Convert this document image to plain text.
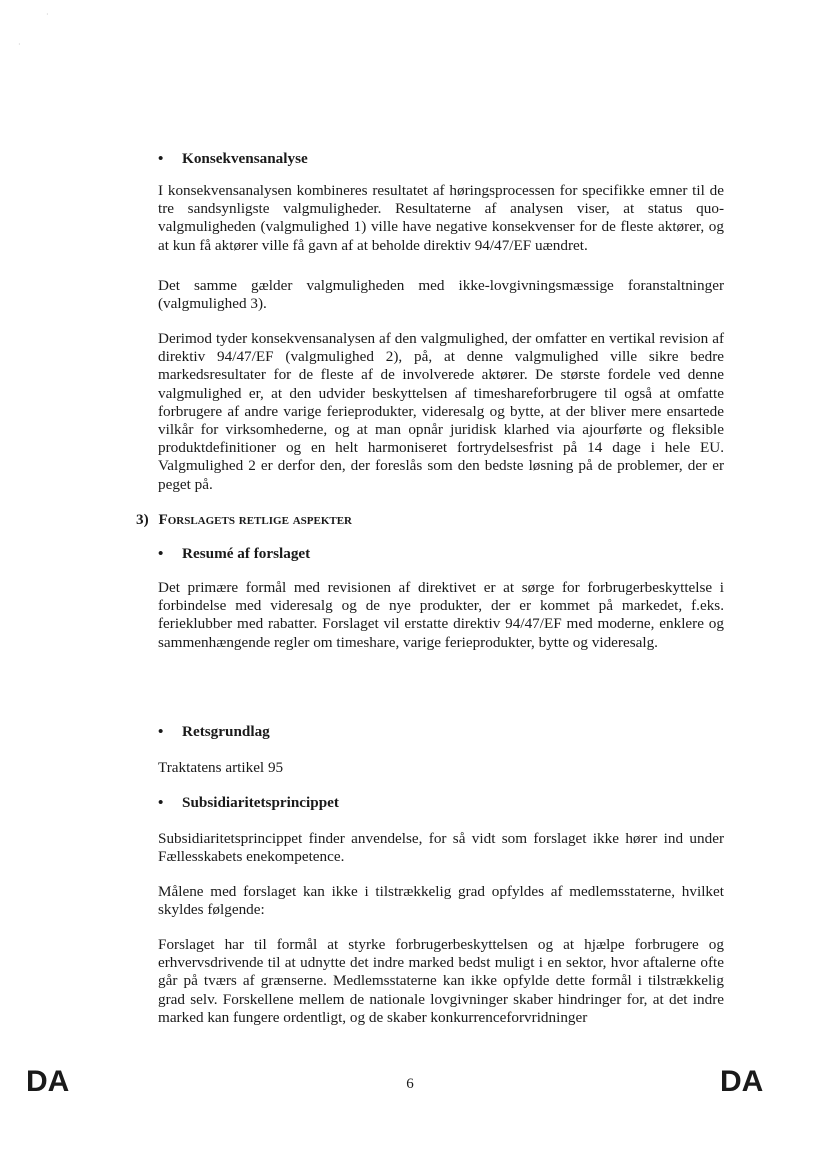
·
·
• Konsekvensanalyse

I konsekvensanalysen kombineres resultatet af høringsprocessen for specifikke emner til de tre sandsynligste valgmuligheder. Resultaterne af analysen viser, at status quo-valgmuligheden (valgmulighed 1) ville have negative konsekvenser for de fleste aktører, og at kun få aktører ville få gavn af at beholde direktiv 94/47/EF uændret.

Det samme gælder valgmuligheden med ikke-lovgivningsmæssige foranstaltninger (valgmulighed 3).

Derimod tyder konsekvensanalysen af den valgmulighed, der omfatter en vertikal revision af direktiv 94/47/EF (valgmulighed 2), på, at denne valgmulighed ville sikre bedre markedsresultater for de fleste af de involverede aktører. De største fordele ved denne valgmulighed er, at den udvider beskyttelsen af timeshareforbrugere til også at omfatte forbrugere af andre varige ferieprodukter, videresalg og bytte, at der bliver mere ensartede vilkår for virksomhederne, og at man opnår juridisk klarhed via ajourførte og fleksible produktdefinitioner og en helt harmoniseret fortrydelsesfrist på 14 dage i hele EU. Valgmulighed 2 er derfor den, der foreslås som den bedste løsning på de problemer, der er peget på.

3) Forslagets retlige aspekter
• Resumé af forslaget

Det primære formål med revisionen af direktivet er at sørge for forbrugerbeskyttelse i forbindelse med videresalg og de nye produkter, der er kommet på markedet, f.eks. ferieklubber med rabatter. Forslaget vil erstatte direktiv 94/47/EF med moderne, enklere og sammenhængende regler om timeshare, varige ferieprodukter, bytte og videresalg.

• Retsgrundlag

Traktatens artikel 95

• Subsidiaritetsprincippet

Subsidiaritetsprincippet finder anvendelse, for så vidt som forslaget ikke hører ind under Fællesskabets enekompetence.

Målene med forslaget kan ikke i tilstrækkelig grad opfyldes af medlemsstaterne, hvilket skyldes følgende:

Forslaget har til formål at styrke forbrugerbeskyttelsen og at hjælpe forbrugere og erhvervsdrivende til at udnytte det indre marked bedst muligt i en sektor, hvor aftalerne ofte går på tværs af grænserne. Medlemsstaterne kan ikke opfylde dette formål i tilstrækkelig grad selv. Forskellene mellem de nationale lovgivninger skaber hindringer for, at det indre marked kan fungere ordentligt, og de skaber konkurrenceforvridninger

DA	6	DA
